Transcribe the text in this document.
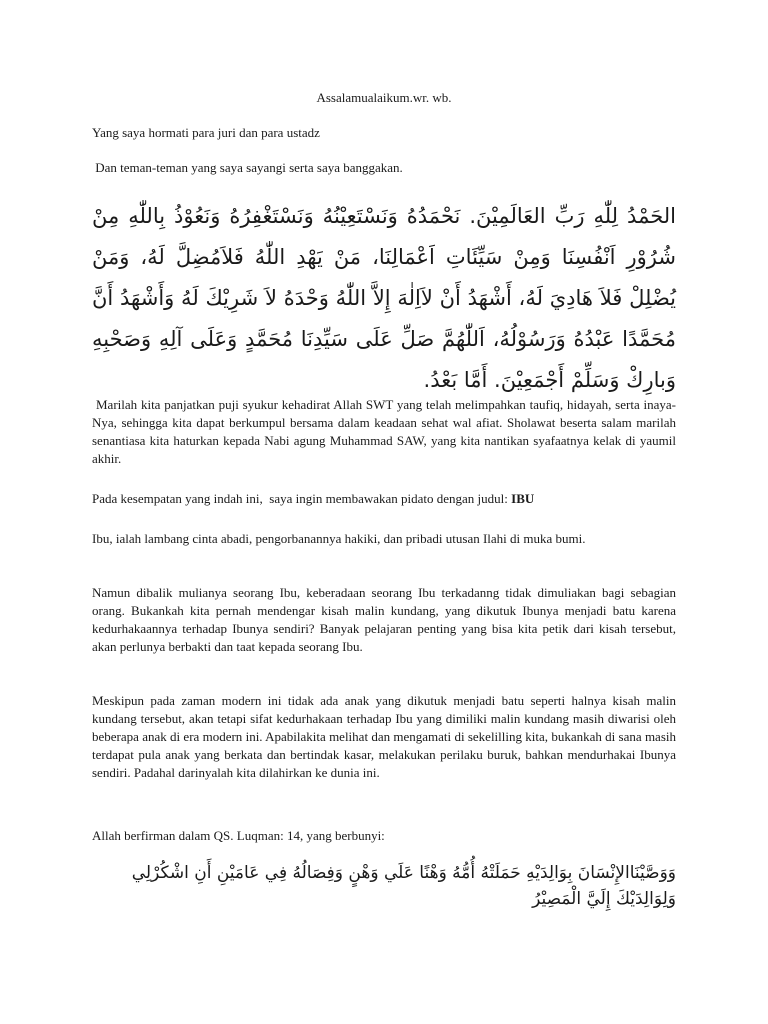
Assalamualaikum.wr. wb.

Yang saya hormati para juri dan para ustadz

Dan teman-teman yang saya sayangi serta saya banggakan.

الحَمْدُ لِلّٰهِ رَبِّ العَالَمِيْنَ. نَحْمَدُهُ وَنَسْتَعِيْنُهُ وَنَسْتَغْفِرُهُ وَنَعُوْذُ بِاللّٰهِ مِنْ شُرُوْرِ اَنْفُسِنَا وَمِنْ سَيِّئَاتِ اَعْمَالِنَا، مَنْ يَهْدِ اللّٰهُ فَلاَمُضِلَّ لَهُ، وَمَنْ يُضْلِلْ فَلاَ هَادِيَ لَهُ، أَشْهَدُ أَنْ لاَاِلٰهَ إِلاَّ اللّٰهُ وَحْدَهُ لاَ شَرِيْكَ لَهُ وَأَشْهَدُ أَنَّ مُحَمَّدًا عَبْدُهُ وَرَسُوْلُهُ، اَللّٰهُمَّ صَلِّ عَلَى سَيِّدِنَا مُحَمَّدٍ وَعَلَى آلِهِ وَصَحْبِهِ وَبارِكْ وَسَلِّمْ أَجْمَعِيْنَ. أَمَّا بَعْدُ.

Marilah kita panjatkan puji syukur kehadirat Allah SWT yang telah melimpahkan taufiq, hidayah, serta inaya-Nya, sehingga kita dapat berkumpul bersama dalam keadaan sehat wal afiat. Sholawat beserta salam marilah senantiasa kita haturkan kepada Nabi agung Muhammad SAW, yang kita nantikan syafaatnya kelak di yaumil akhir.

Pada kesempatan yang indah ini,  saya ingin membawakan pidato dengan judul: IBU

Ibu, ialah lambang cinta abadi, pengorbanannya hakiki, dan pribadi utusan Ilahi di muka bumi.

Namun dibalik mulianya seorang Ibu, keberadaan seorang Ibu terkadanng tidak dimuliakan bagi sebagian orang. Bukankah kita pernah mendengar kisah malin kundang, yang dikutuk Ibunya menjadi batu karena kedurhakaannya terhadap Ibunya sendiri? Banyak pelajaran penting yang bisa kita petik dari kisah tersebut, akan perlunya berbakti dan taat kepada seorang Ibu.

Meskipun pada zaman modern ini tidak ada anak yang dikutuk menjadi batu seperti halnya kisah malin kundang tersebut, akan tetapi sifat kedurhakaan terhadap Ibu yang dimiliki malin kundang masih diwarisi oleh beberapa anak di era modern ini. Apabilakita melihat dan mengamati di sekelilling kita, bukankah di sana masih terdapat pula anak yang berkata dan bertindak kasar, melakukan perilaku buruk, bahkan mendurhakai Ibunya sendiri. Padahal darinyalah kita dilahirkan ke dunia ini.

Allah berfirman dalam QS. Luqman: 14, yang berbunyi:

وَوَصَّيْنَاالإِنْسَانَ بِوَالِدَيْهِ حَمَلَتْهُ أُمُّهُ وَهْنًا عَلَي وَهْنٍ وَفِصَالُهُ فِي عَامَيْنِ أَنِ اشْكُرْلِي وَلِوَالِدَيْكَ إِلَيَّ الْمَصِيْرُ
